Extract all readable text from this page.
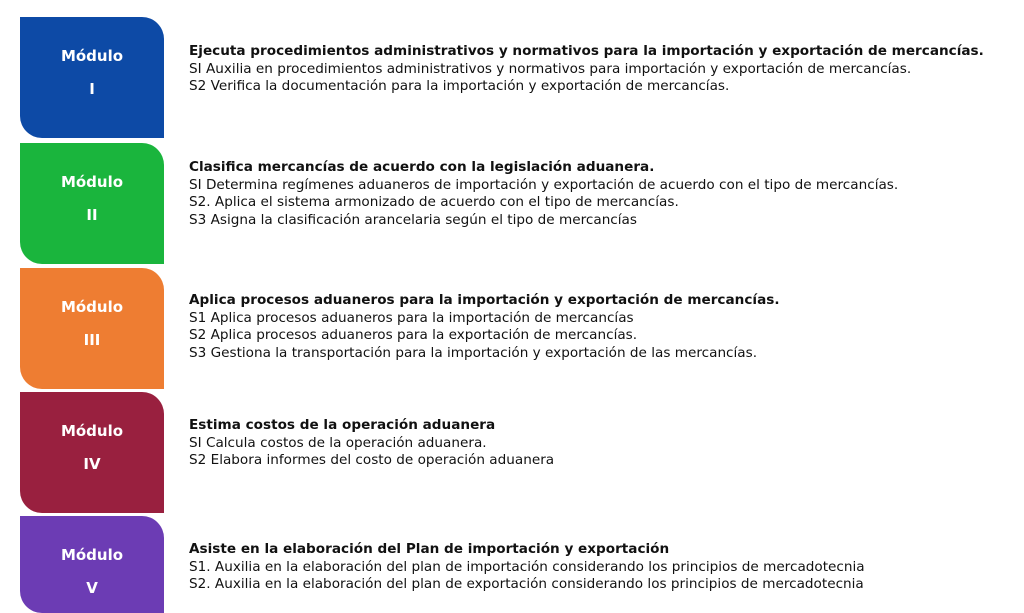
Módulo
I

Ejecuta procedimientos administrativos y normativos para la importación y exportación de mercancías.

SI Auxilia en procedimientos administrativos y normativos para importación y exportación de mercancías.

S2 Verifica la documentación para la importación y exportación de mercancías.

Módulo
II

Clasifica mercancías de acuerdo con la legislación aduanera.

SI Determina regímenes aduaneros de importación y exportación de acuerdo con el tipo de mercancías.

S2. Aplica el sistema armonizado de acuerdo con el tipo de mercancías.

S3 Asigna la clasificación arancelaria según el tipo de mercancías

Módulo
III

Aplica procesos aduaneros para la importación y exportación de mercancías.

S1 Aplica procesos aduaneros para la importación de mercancías

S2 Aplica procesos aduaneros para la exportación de mercancías.

S3 Gestiona la transportación para la importación y exportación de las mercancías.

Módulo
IV

Estima costos de la operación aduanera

SI Calcula costos de la operación aduanera.

S2 Elabora informes del costo de operación aduanera

Módulo
V

Asiste en la elaboración del Plan de importación y exportación

S1. Auxilia en la elaboración del plan de importación considerando los principios de mercadotecnia

S2. Auxilia en la elaboración del plan de exportación considerando los principios de mercadotecnia
